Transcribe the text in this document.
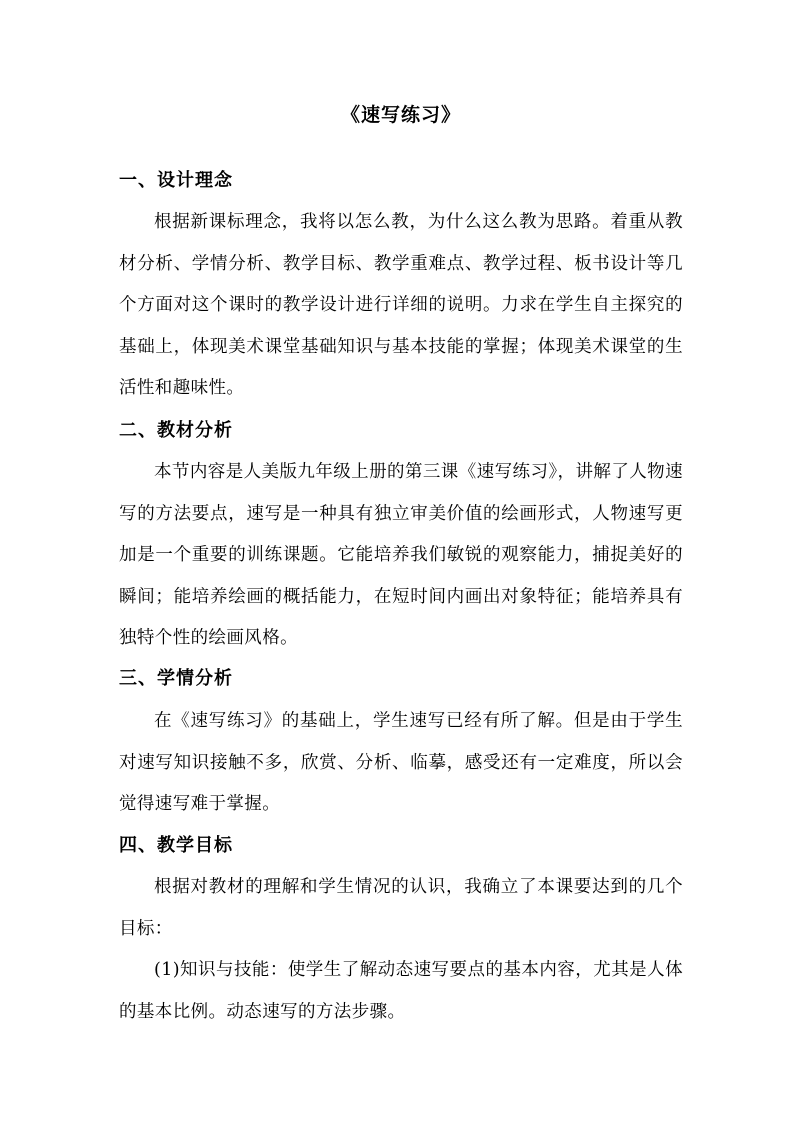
《速写练习》
一、设计理念

根据新课标理念，我将以怎么教，为什么这么教为思路。着重从教材分析、学情分析、教学目标、教学重难点、教学过程、板书设计等几个方面对这个课时的教学设计进行详细的说明。力求在学生自主探究的基础上，体现美术课堂基础知识与基本技能的掌握；体现美术课堂的生活性和趣味性。

二、教材分析

本节内容是人美版九年级上册的第三课《速写练习》，讲解了人物速写的方法要点，速写是一种具有独立审美价值的绘画形式，人物速写更加是一个重要的训练课题。它能培养我们敏锐的观察能力，捕捉美好的瞬间；能培养绘画的概括能力，在短时间内画出对象特征；能培养具有独特个性的绘画风格。

三、学情分析

在《速写练习》的基础上，学生速写已经有所了解。但是由于学生对速写知识接触不多，欣赏、分析、临摹，感受还有一定难度，所以会觉得速写难于掌握。

四、教学目标

根据对教材的理解和学生情况的认识，我确立了本课要达到的几个目标：

(1)知识与技能：使学生了解动态速写要点的基本内容，尤其是人体的基本比例。动态速写的方法步骤。
